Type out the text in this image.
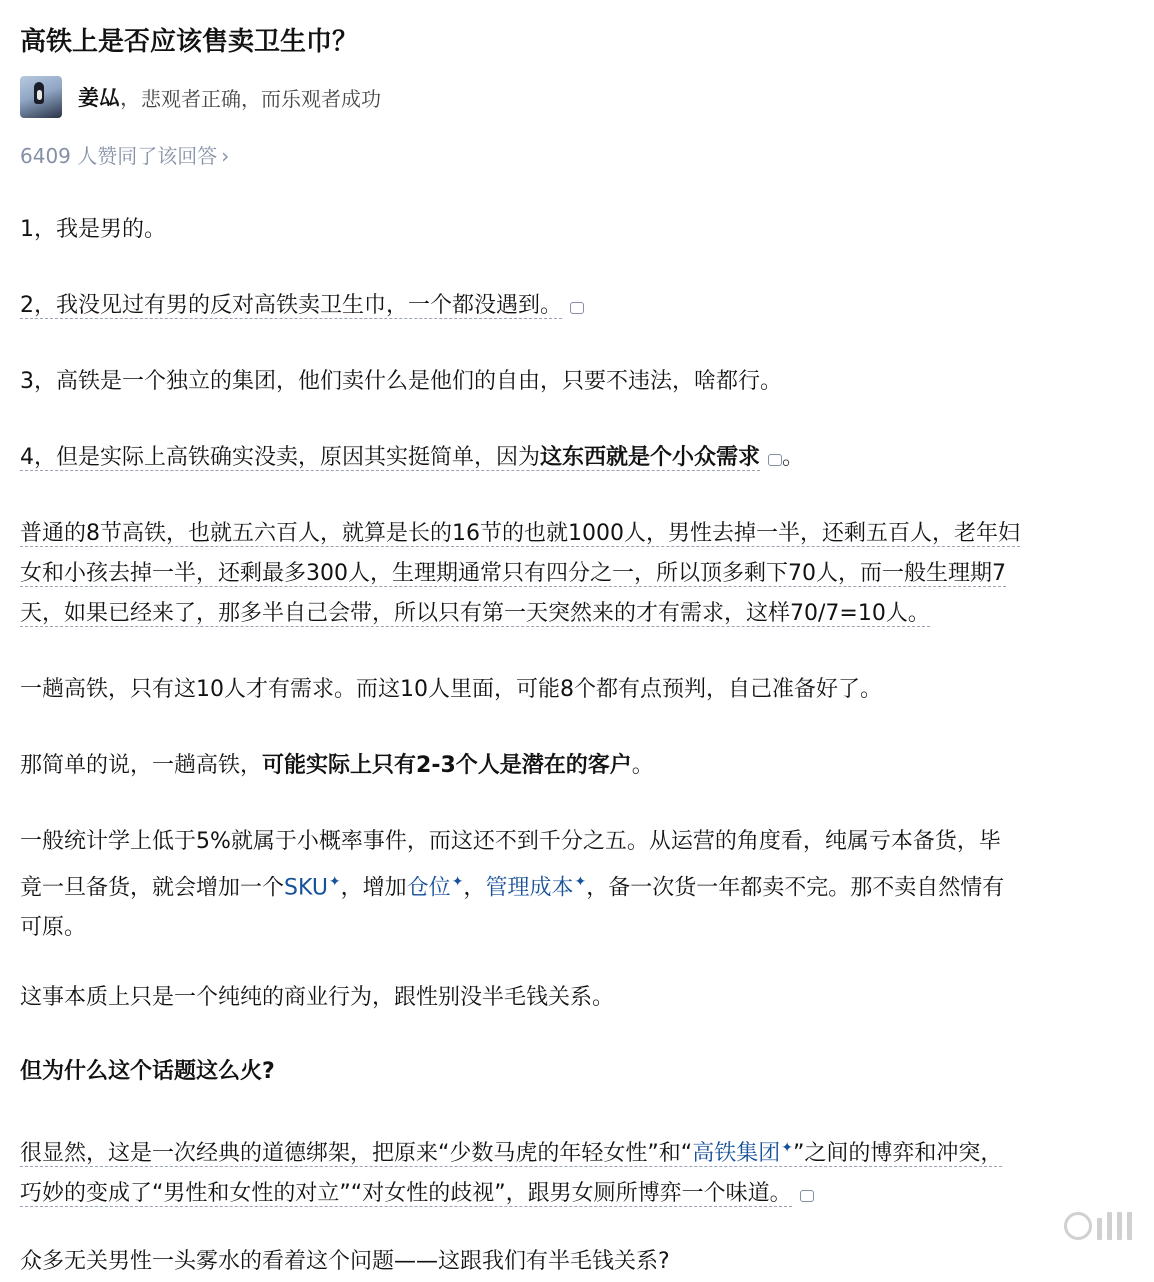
高铁上是否应该售卖卫生巾？
姜厸 ， 悲观者正确，而乐观者成功
6409 人赞同了该回答 ›

1，我是男的。

2，我没见过有男的反对高铁卖卫生巾，一个都没遇到。

3，高铁是一个独立的集团，他们卖什么是他们的自由，只要不违法，啥都行。

4，但是实际上高铁确实没卖，原因其实挺简单，因为这东西就是个小众需求 。

普通的8节高铁，也就五六百人，就算是长的16节的也就1000人，男性去掉一半，还剩五百人，老年妇
女和小孩去掉一半，还剩最多300人，生理期通常只有四分之一，所以顶多剩下70人，而一般生理期7
天，如果已经来了，那多半自己会带，所以只有第一天突然来的才有需求，这样70/7=10人。

一趟高铁，只有这10人才有需求。而这10人里面，可能8个都有点预判，自己准备好了。

那简单的说，一趟高铁，可能实际上只有2-3个人是潜在的客户。

一般统计学上低于5%就属于小概率事件，而这还不到千分之五。从运营的角度看，纯属亏本备货，毕
竟一旦备货，就会增加一个SKU✦，增加仓位✦，管理成本✦，备一次货一年都卖不完。那不卖自然情有
可原。

这事本质上只是一个纯纯的商业行为，跟性别没半毛钱关系。

但为什么这个话题这么火?

很显然，这是一次经典的道德绑架，把原来“少数马虎的年轻女性”和“高铁集团✦”之间的博弈和冲突，
巧妙的变成了“男性和女性的对立”“对女性的歧视”，跟男女厕所博弈一个味道。

众多无关男性一头雾水的看着这个问题——这跟我们有半毛钱关系?
